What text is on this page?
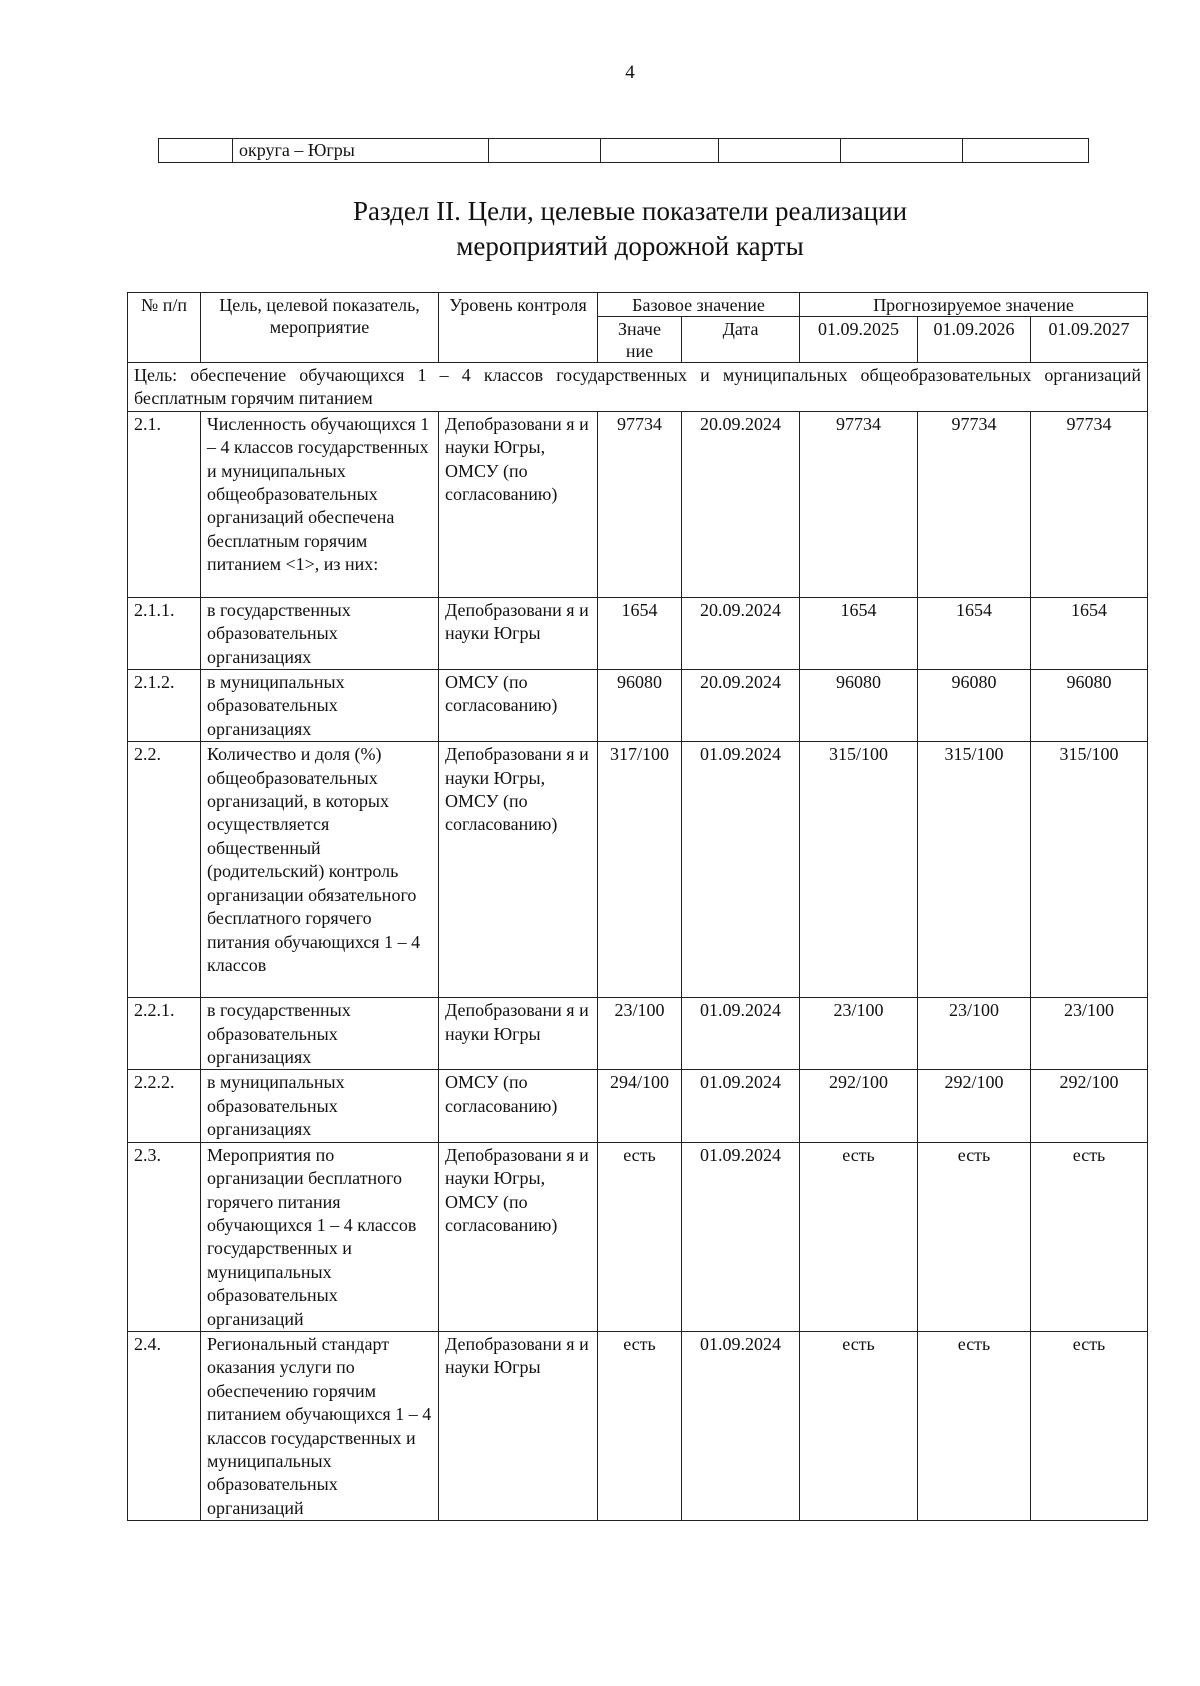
4
	округа – Югры					
Раздел II. Цели, целевые показатели реализации
мероприятий дорожной карты
№ п/п	Цель, целевой показатель, мероприятие	Уровень контроля	Базовое значение		Прогнозируемое значение		
			Значе ние	Дата	01.09.2025	01.09.2026	01.09.2027
Цель: обеспечение обучающихся 1 – 4 классов государственных и муниципальных общеобразовательных организаций бесплатным горячим питанием							
2.1.	Численность обучающихся 1 – 4 классов государственных и муниципальных общеобразовательных организаций обеспечена бесплатным горячим питанием <1>, из них:	Депобразовани я и науки Югры, ОМСУ (по согласованию)	97734	20.09.2024	97734	97734	97734
2.1.1.	в государственных образовательных организациях	Депобразовани я и науки Югры	1654	20.09.2024	1654	1654	1654
2.1.2.	в муниципальных образовательных организациях	ОМСУ (по согласованию)	96080	20.09.2024	96080	96080	96080
2.2.	Количество и доля (%) общеобразовательных организаций, в которых осуществляется общественный (родительский) контроль организации обязательного бесплатного горячего питания обучающихся 1 – 4 классов	Депобразовани я и науки Югры, ОМСУ (по согласованию)	317/100	01.09.2024	315/100	315/100	315/100
2.2.1.	в государственных образовательных организациях	Депобразовани я и науки Югры	23/100	01.09.2024	23/100	23/100	23/100
2.2.2.	в муниципальных образовательных организациях	ОМСУ (по согласованию)	294/100	01.09.2024	292/100	292/100	292/100
2.3.	Мероприятия по организации бесплатного горячего питания обучающихся 1 – 4 классов государственных и муниципальных образовательных организаций	Депобразовани я и науки Югры, ОМСУ (по согласованию)	есть	01.09.2024	есть	есть	есть
2.4.	Региональный стандарт оказания услуги по обеспечению горячим питанием обучающихся 1 – 4 классов государственных и муниципальных образовательных организаций	Депобразовани я и науки Югры	есть	01.09.2024	есть	есть	есть
